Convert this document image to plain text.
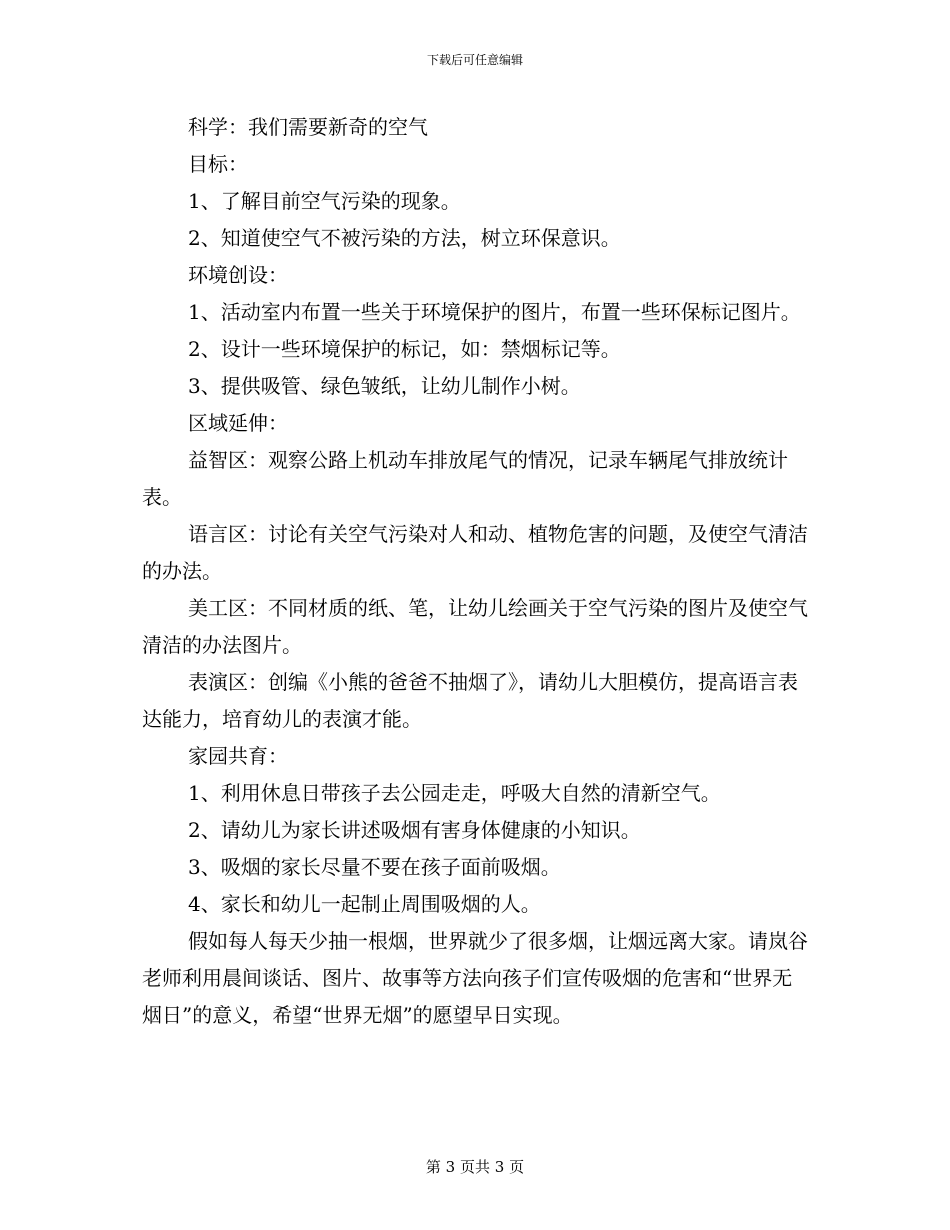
下载后可任意编辑

科学：我们需要新奇的空气

目标：

1、了解目前空气污染的现象。

2、知道使空气不被污染的方法，树立环保意识。

环境创设：

1、活动室内布置一些关于环境保护的图片，布置一些环保标记图片。

2、设计一些环境保护的标记，如：禁烟标记等。

3、提供吸管、绿色皱纸，让幼儿制作小树。

区域延伸：

益智区：观察公路上机动车排放尾气的情况，记录车辆尾气排放统计表。

语言区：讨论有关空气污染对人和动、植物危害的问题，及使空气清洁的办法。

美工区：不同材质的纸、笔，让幼儿绘画关于空气污染的图片及使空气清洁的办法图片。

表演区：创编《小熊的爸爸不抽烟了》，请幼儿大胆模仿，提高语言表达能力，培育幼儿的表演才能。

家园共育：

1、利用休息日带孩子去公园走走，呼吸大自然的清新空气。

2、请幼儿为家长讲述吸烟有害身体健康的小知识。

3、吸烟的家长尽量不要在孩子面前吸烟。

4、家长和幼儿一起制止周围吸烟的人。

假如每人每天少抽一根烟，世界就少了很多烟，让烟远离大家。请岚谷老师利用晨间谈话、图片、故事等方法向孩子们宣传吸烟的危害和“世界无烟日”的意义，希望“世界无烟”的愿望早日实现。

第 3 页共 3 页
